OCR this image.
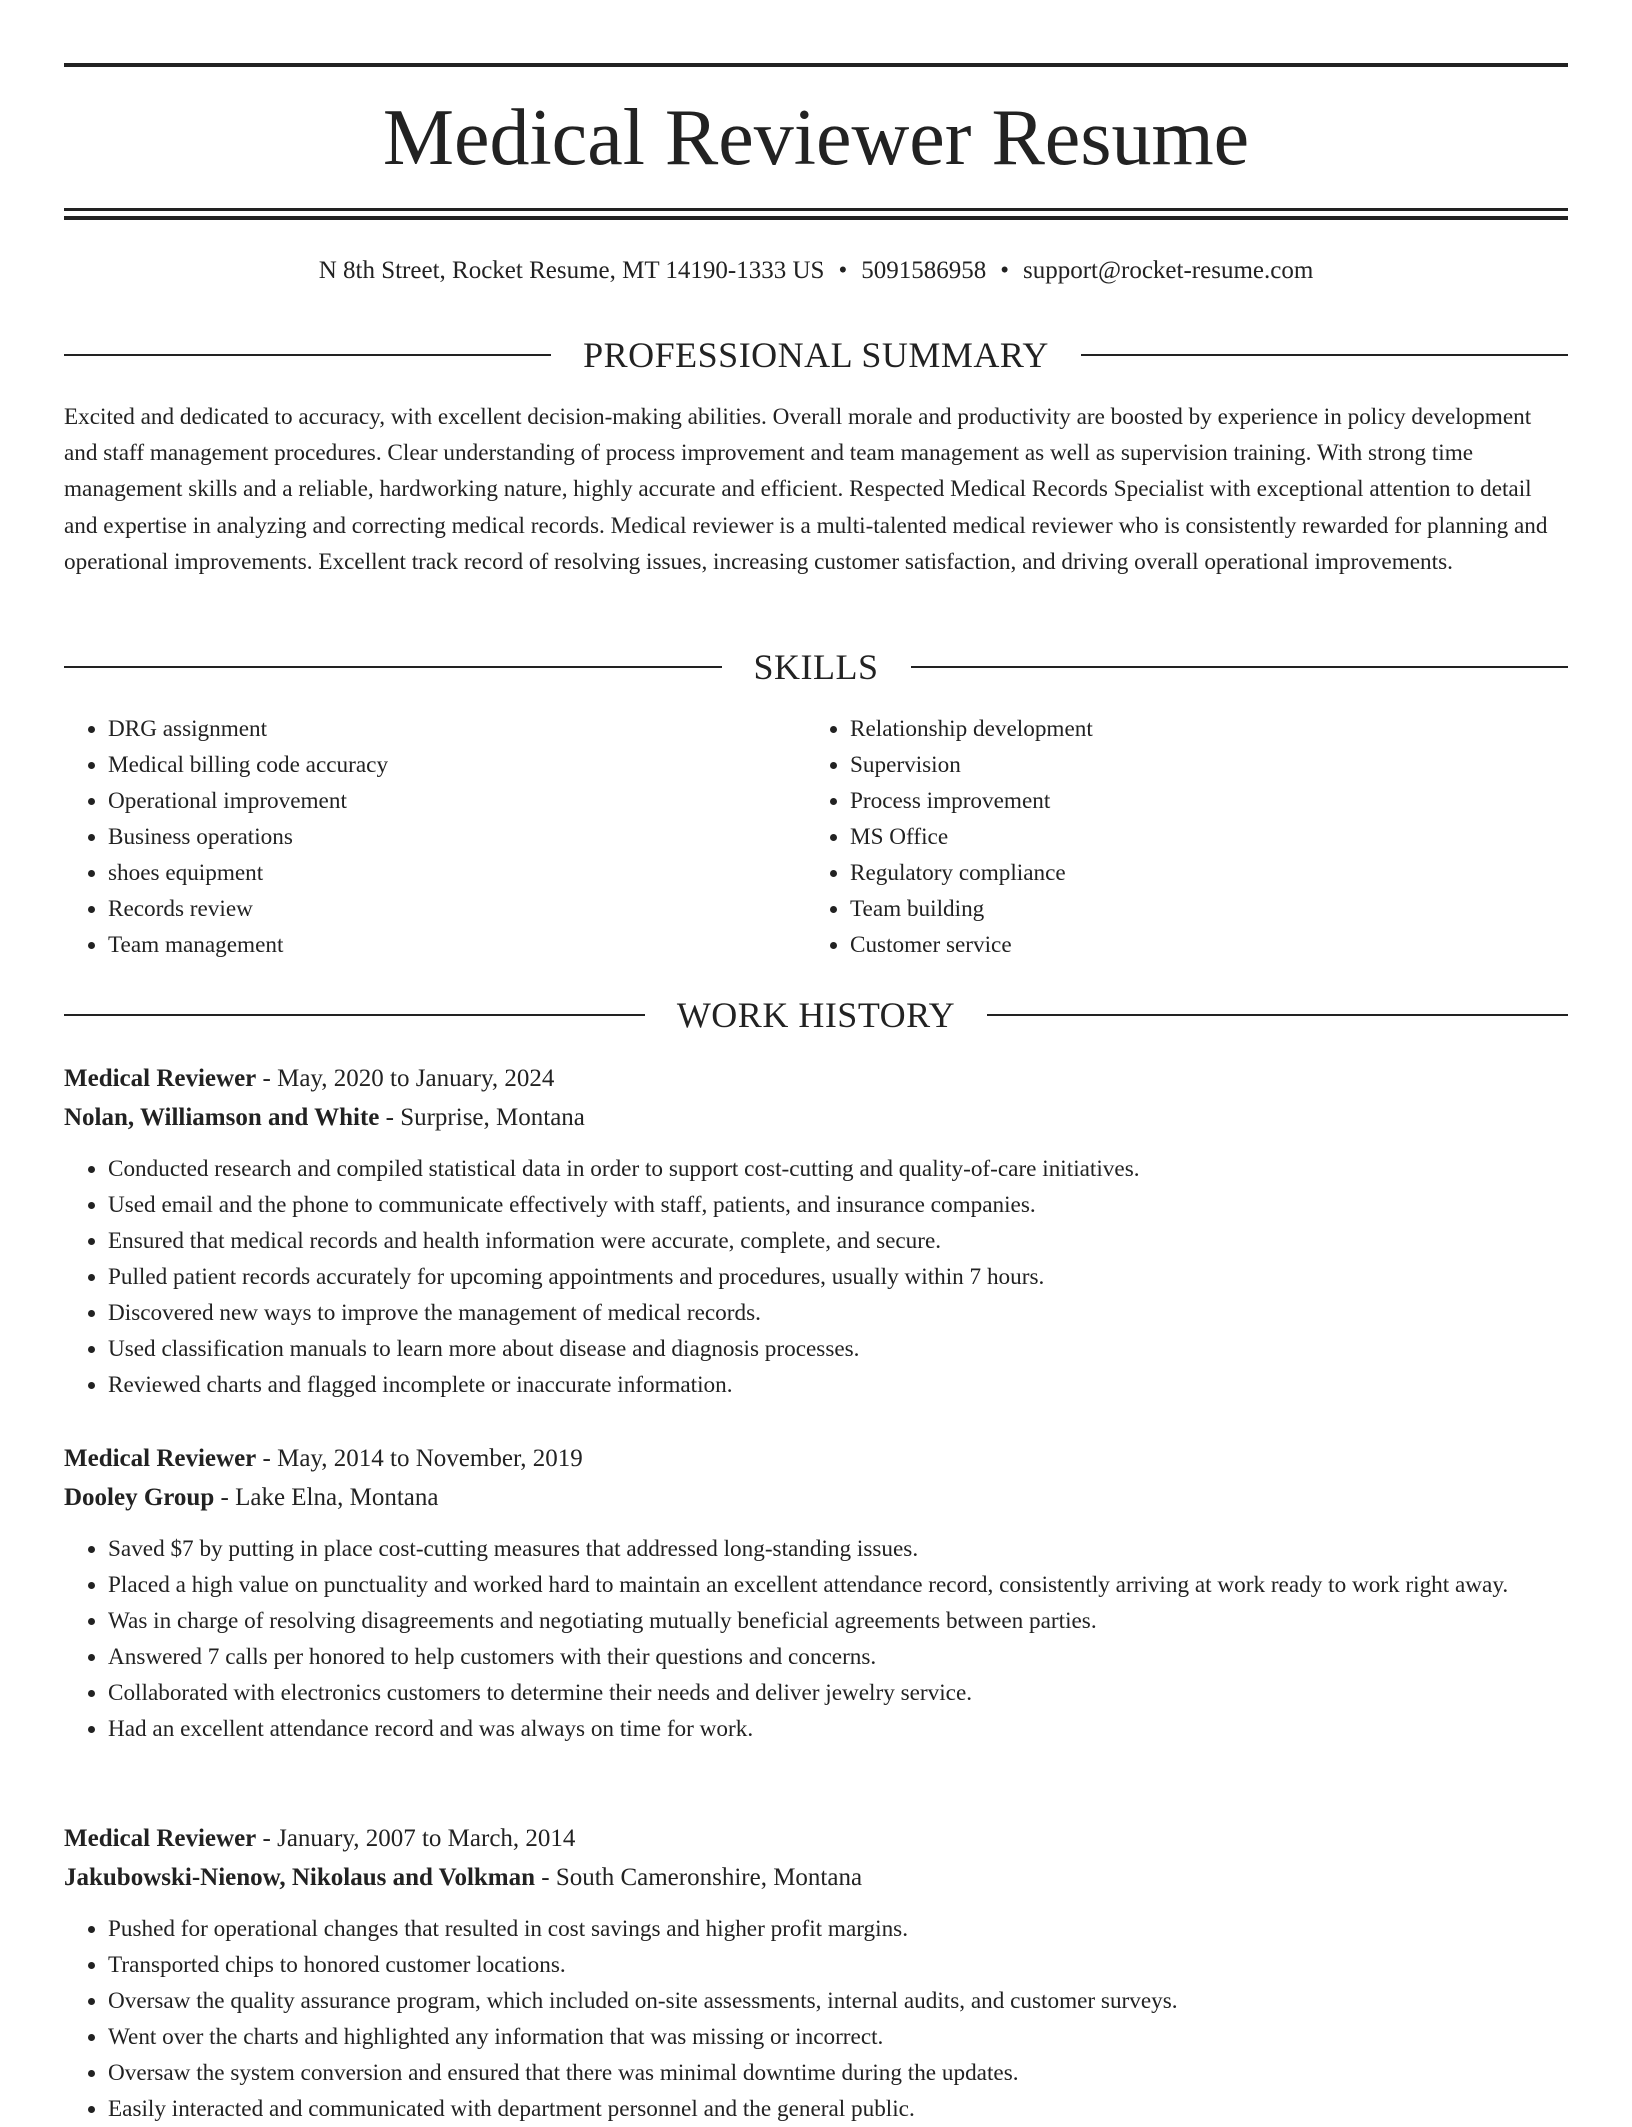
Medical Reviewer Resume
N 8th Street, Rocket Resume, MT 14190-1333 US • 5091586958 • support@rocket-resume.com
PROFESSIONAL SUMMARY

Excited and dedicated to accuracy, with excellent decision-making abilities. Overall morale and productivity are boosted by experience in policy development and staff management procedures. Clear understanding of process improvement and team management as well as supervision training. With strong time management skills and a reliable, hardworking nature, highly accurate and efficient. Respected Medical Records Specialist with exceptional attention to detail and expertise in analyzing and correcting medical records. Medical reviewer is a multi-talented medical reviewer who is consistently rewarded for planning and operational improvements. Excellent track record of resolving issues, increasing customer satisfaction, and driving overall operational improvements.

SKILLS
• DRG assignment
• Medical billing code accuracy
• Operational improvement
• Business operations
• shoes equipment
• Records review
• Team management
• Relationship development
• Supervision
• Process improvement
• MS Office
• Regulatory compliance
• Team building
• Customer service
WORK HISTORY
Medical Reviewer - May, 2020 to January, 2024
Nolan, Williamson and White - Surprise, Montana
• Conducted research and compiled statistical data in order to support cost-cutting and quality-of-care initiatives.
• Used email and the phone to communicate effectively with staff, patients, and insurance companies.
• Ensured that medical records and health information were accurate, complete, and secure.
• Pulled patient records accurately for upcoming appointments and procedures, usually within 7 hours.
• Discovered new ways to improve the management of medical records.
• Used classification manuals to learn more about disease and diagnosis processes.
• Reviewed charts and flagged incomplete or inaccurate information.
Medical Reviewer - May, 2014 to November, 2019
Dooley Group - Lake Elna, Montana
• Saved $7 by putting in place cost-cutting measures that addressed long-standing issues.
• Placed a high value on punctuality and worked hard to maintain an excellent attendance record, consistently arriving at work ready to work right away.
• Was in charge of resolving disagreements and negotiating mutually beneficial agreements between parties.
• Answered 7 calls per honored to help customers with their questions and concerns.
• Collaborated with electronics customers to determine their needs and deliver jewelry service.
• Had an excellent attendance record and was always on time for work.
Medical Reviewer - January, 2007 to March, 2014
Jakubowski-Nienow, Nikolaus and Volkman - South Cameronshire, Montana
• Pushed for operational changes that resulted in cost savings and higher profit margins.
• Transported chips to honored customer locations.
• Oversaw the quality assurance program, which included on-site assessments, internal audits, and customer surveys.
• Went over the charts and highlighted any information that was missing or incorrect.
• Oversaw the system conversion and ensured that there was minimal downtime during the updates.
• Easily interacted and communicated with department personnel and the general public.
